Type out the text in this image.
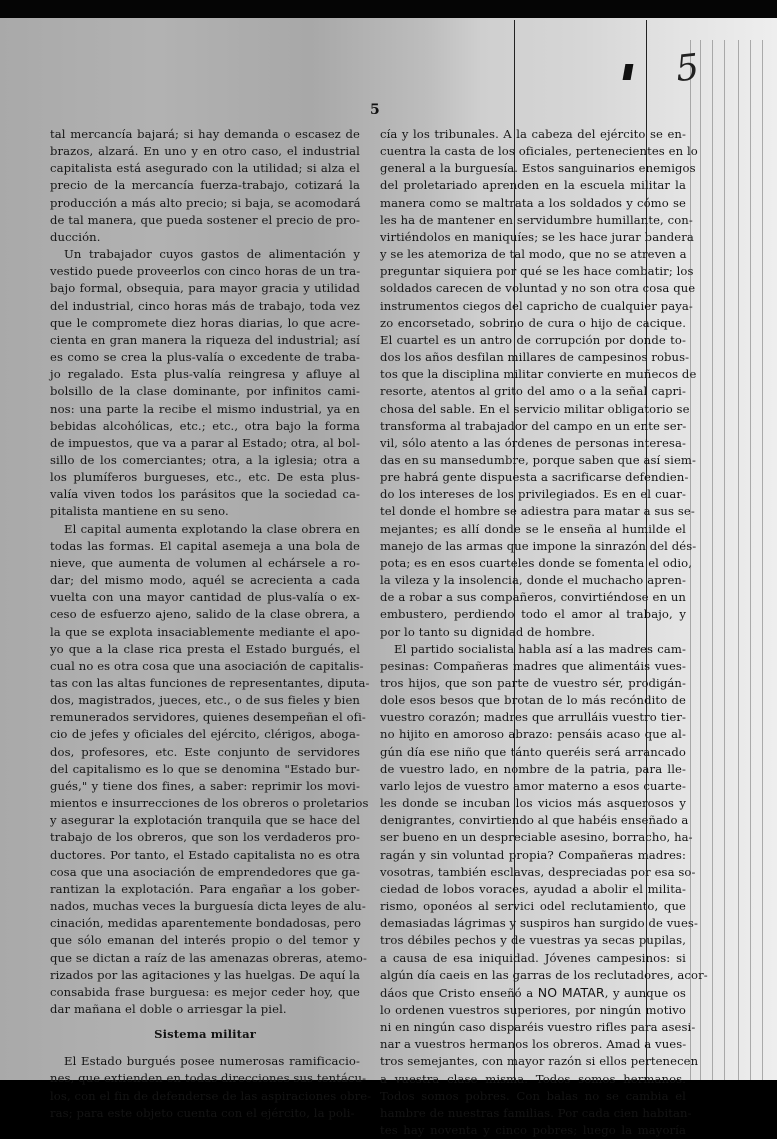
5
5
tal mercancía bajará; si hay demanda o escasez de
brazos, alzará. En uno y en otro caso, el industrial
capitalista está asegurado con la utilidad; si alza el
precio de la mercancía fuerza-trabajo, cotizará la
producción a más alto precio; si baja, se acomodará
de tal manera, que pueda sostener el precio de pro-
ducción.
Un trabajador cuyos gastos de alimentación y
vestido puede proveerlos con cinco horas de un tra-
bajo formal, obsequia, para mayor gracia y utilidad
del industrial, cinco horas más de trabajo, toda vez
que le compromete diez horas diarias, lo que acre-
cienta en gran manera la riqueza del industrial; así
es como se crea la plus-valía o excedente de traba-
jo regalado. Esta plus-valía reingresa y afluye al
bolsillo de la clase dominante, por infinitos cami-
nos: una parte la recibe el mismo industrial, ya en
bebidas alcohólicas, etc.; etc., otra bajo la forma
de impuestos, que va a parar al Estado; otra, al bol-
sillo de los comerciantes; otra, a la iglesia; otra a
los plumíferos burgueses, etc., etc. De esta plus-
valía viven todos los parásitos que la sociedad ca-
pitalista mantiene en su seno.
El capital aumenta explotando la clase obrera en
todas las formas. El capital asemeja a una bola de
nieve, que aumenta de volumen al echársele a ro-
dar; del mismo modo, aquél se acrecienta a cada
vuelta con una mayor cantidad de plus-valía o ex-
ceso de esfuerzo ajeno, salido de la clase obrera, a
la que se explota insaciablemente mediante el apo-
yo que a la clase rica presta el Estado burgués, el
cual no es otra cosa que una asociación de capitalis-
tas con las altas funciones de representantes, diputa-
dos, magistrados, jueces, etc., o de sus fieles y bien
remunerados servidores, quienes desempeñan el ofi-
cio de jefes y oficiales del ejército, clérigos, aboga-
dos, profesores, etc. Este conjunto de servidores
del capitalismo es lo que se denomina "Estado bur-
gués," y tiene dos fines, a saber: reprimir los movi-
mientos e insurrecciones de los obreros o proletarios
y asegurar la explotación tranquila que se hace del
trabajo de los obreros, que son los verdaderos pro-
ductores. Por tanto, el Estado capitalista no es otra
cosa que una asociación de emprendedores que ga-
rantizan la explotación. Para engañar a los gober-
nados, muchas veces la burguesía dicta leyes de alu-
cinación, medidas aparentemente bondadosas, pero
que sólo emanan del interés propio o del temor y
que se dictan a raíz de las amenazas obreras, atemo-
rizados por las agitaciones y las huelgas. De aquí la
consabida frase burguesa: es mejor ceder hoy, que
dar mañana el doble o arriesgar la piel.
Sistema militar
El Estado burgués posee numerosas ramificacio-
nes, que extienden en todas direcciones sus tentácu-
los, con el fin de defenderse de las aspiraciones obre-
ras; para este objeto cuenta con el ejército, la poli-
cía y los tribunales. A la cabeza del ejército se en-
cuentra la casta de los oficiales, pertenecientes en lo
general a la burguesía. Estos sanguinarios enemigos
del proletariado aprenden en la escuela militar la
manera como se maltrata a los soldados y cómo se
les ha de mantener en servidumbre humillante, con-
virtiéndolos en maniquíes; se les hace jurar bandera
y se les atemoriza de tal modo, que no se atreven a
preguntar siquiera por qué se les hace combatir; los
soldados carecen de voluntad y no son otra cosa que
instrumentos ciegos del capricho de cualquier paya-
zo encorsetado, sobrino de cura o hijo de cacique.
El cuartel es un antro de corrupción por donde to-
dos los años desfilan millares de campesinos robus-
tos que la disciplina militar convierte en muñecos de
resorte, atentos al grito del amo o a la señal capri-
chosa del sable. En el servicio militar obligatorio se
transforma al trabajador del campo en un ente ser-
vil, sólo atento a las órdenes de personas interesa-
das en su mansedumbre, porque saben que así siem-
pre habrá gente dispuesta a sacrificarse defendien-
do los intereses de los privilegiados. Es en el cuar-
tel donde el hombre se adiestra para matar a sus se-
mejantes; es allí donde se le enseña al humilde el
manejo de las armas que impone la sinrazón del dés-
pota; es en esos cuarteles donde se fomenta el odio,
la vileza y la insolencia, donde el muchacho apren-
de a robar a sus compañeros, convirtiéndose en un
embustero, perdiendo todo el amor al trabajo, y
por lo tanto su dignidad de hombre.
El partido socialista habla así a las madres cam-
pesinas: Compañeras madres que alimentáis vues-
tros hijos, que son parte de vuestro sér, prodigán-
dole esos besos que brotan de lo más recóndito de
vuestro corazón; madres que arrulláis vuestro tier-
no hijito en amoroso abrazo: pensáis acaso que al-
gún día ese niño que tánto queréis será arrancado
de vuestro lado, en nombre de la patria, para lle-
varlo lejos de vuestro amor materno a esos cuarte-
les donde se incuban los vicios más asquerosos y
denigrantes, convirtiendo al que habéis enseñado a
ser bueno en un despreciable asesino, borracho, ha-
ragán y sin voluntad propia? Compañeras madres:
vosotras, también esclavas, despreciadas por esa so-
ciedad de lobos voraces, ayudad a abolir el milita-
rismo, oponéos al servici odel reclutamiento, que
demasiadas lágrimas y suspiros han surgido de vues-
tros débiles pechos y de vuestras ya secas pupilas,
a causa de esa iniquidad. Jóvenes campesinos: si
algún día caeis en las garras de los reclutadores, acor-
dáos que Cristo enseñó a NO MATAR, y aunque os
lo ordenen vuestros superiores, por ningún motivo
ni en ningún caso disparéis vuestro rifles para asesi-
nar a vuestros hermanos los obreros. Amad a vues-
tros semejantes, con mayor razón si ellos pertenecen
a vuestra clase misma. Todos somos hermanos.
Todos somos pobres. Con balas no se cambia el
hambre de nuestras familias. Por cada cien habitan-
tes hay noventa y cinco pobres; luego la mayoría
